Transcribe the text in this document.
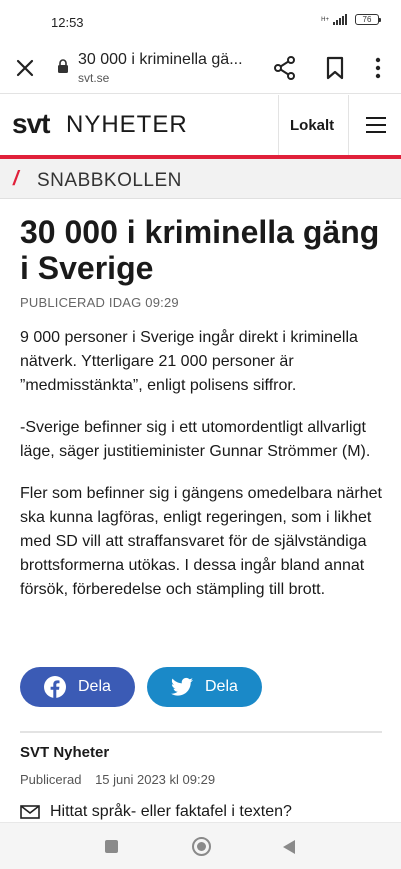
12:53	H+	76
30 000 i kriminella gä...
svt.se
svt NYHETER	Lokalt
/ SNABBKOLLEN
30 000 i kriminella gäng i Sverige
PUBLICERAD IDAG 09:29

9 000 personer i Sverige ingår direkt i kriminella nätverk. Ytterligare 21 000 personer är ”medmisstänkta”, enligt polisens siffror.

-Sverige befinner sig i ett utomordentligt allvarligt läge, säger justitieminister Gunnar Strömmer (M).

Fler som befinner sig i gängens omedelbara närhet ska kunna lagföras, enligt regeringen, som i likhet med SD vill att straffansvaret för de självständiga brottsformerna utökas. I dessa ingår bland annat försök, förberedelse och stämpling till brott.

Dela	Dela
SVT Nyheter
Publicerad 15 juni 2023 kl 09:29
Hittat språk- eller faktafel i texten?
